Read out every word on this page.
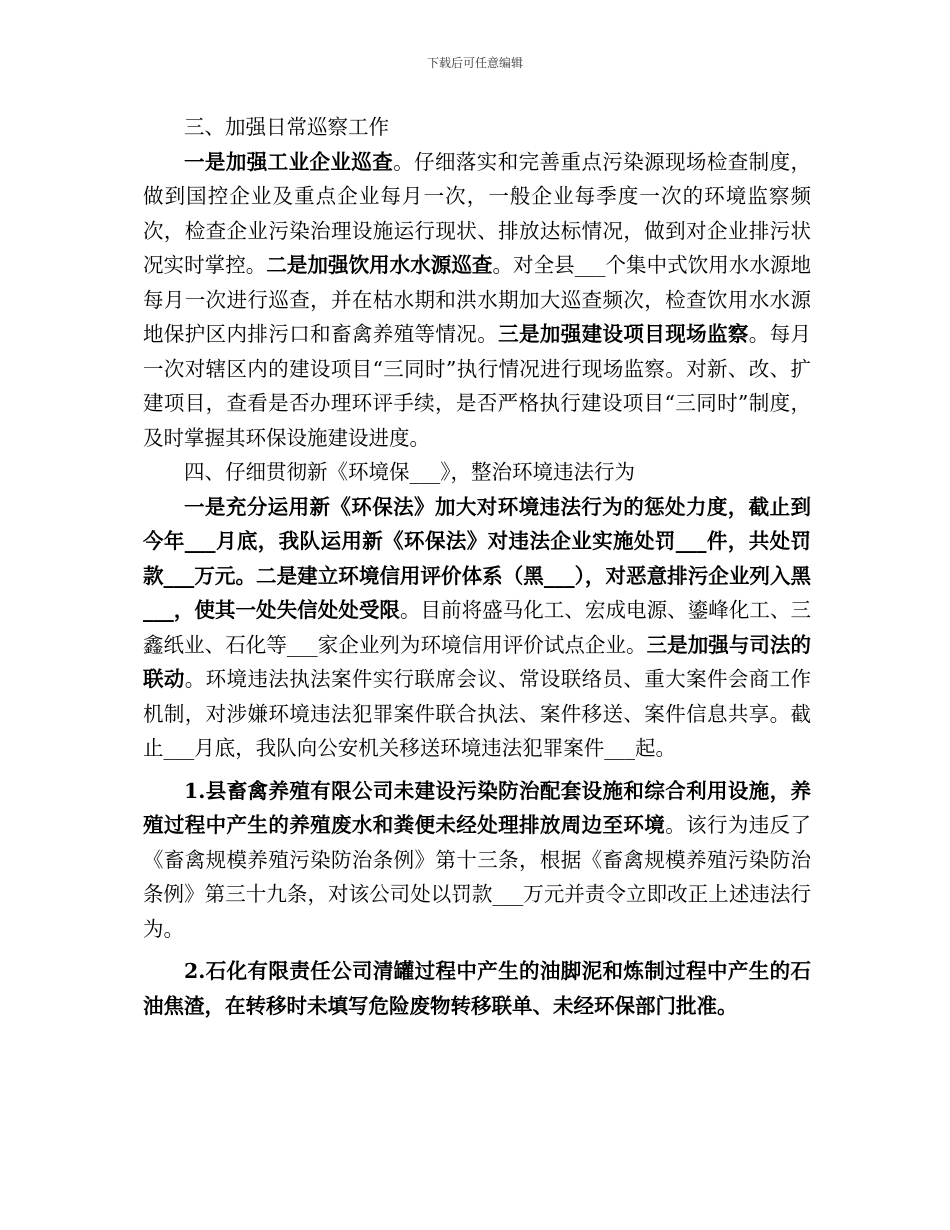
下载后可任意编辑

三、加强日常巡察工作

一是加强工业企业巡查。仔细落实和完善重点污染源现场检查制度，做到国控企业及重点企业每月一次，一般企业每季度一次的环境监察频次，检查企业污染治理设施运行现状、排放达标情况，做到对企业排污状况实时掌控。二是加强饮用水水源巡查。对全县___个集中式饮用水水源地每月一次进行巡查，并在枯水期和洪水期加大巡查频次，检查饮用水水源地保护区内排污口和畜禽养殖等情况。三是加强建设项目现场监察。每月一次对辖区内的建设项目“三同时”执行情况进行现场监察。对新、改、扩建项目，查看是否办理环评手续，是否严格执行建设项目“三同时”制度，及时掌握其环保设施建设进度。

四、仔细贯彻新《环境保___》，整治环境违法行为

一是充分运用新《环保法》加大对环境违法行为的惩处力度，截止到今年___月底，我队运用新《环保法》对违法企业实施处罚___件，共处罚款___万元。二是建立环境信用评价体系（黑___），对恶意排污企业列入黑___，使其一处失信处处受限。目前将盛马化工、宏成电源、鎏峰化工、三鑫纸业、石化等___家企业列为环境信用评价试点企业。三是加强与司法的联动。环境违法执法案件实行联席会议、常设联络员、重大案件会商工作机制，对涉嫌环境违法犯罪案件联合执法、案件移送、案件信息共享。截止___月底，我队向公安机关移送环境违法犯罪案件___起。

1.县畜禽养殖有限公司未建设污染防治配套设施和综合利用设施，养殖过程中产生的养殖废水和粪便未经处理排放周边至环境。该行为违反了《畜禽规模养殖污染防治条例》第十三条，根据《畜禽规模养殖污染防治条例》第三十九条，对该公司处以罚款___万元并责令立即改正上述违法行为。

2.石化有限责任公司清罐过程中产生的油脚泥和炼制过程中产生的石油焦渣，在转移时未填写危险废物转移联单、未经环保部门批准。
